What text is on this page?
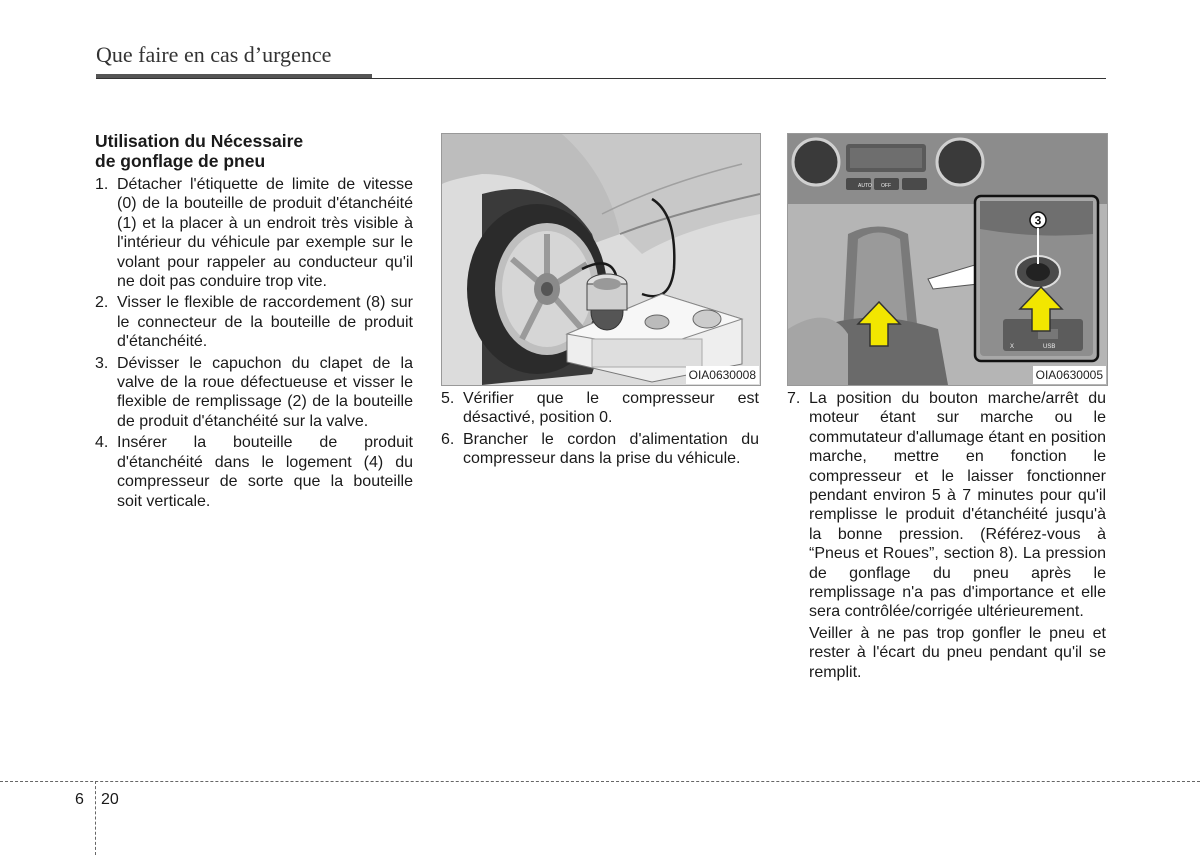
Que faire en cas d’urgence
Utilisation du Nécessaire
de gonflage de pneu
1. Détacher l'étiquette de limite de vitesse (0) de la bouteille de produit d'étanchéité (1) et la placer à un endroit très visible à l'intérieur du véhicule par exemple sur le volant pour rappeler au conducteur qu'il ne doit pas conduire trop vite.
2. Visser le flexible de raccordement (8) sur le connecteur de la bouteille de produit d'étanchéité.
3. Dévisser le capuchon du clapet de la valve de la roue défectueuse et visser le flexible de remplissage (2) de la bouteille de produit d'étanchéité sur la valve.
4. Insérer la bouteille de produit d'étanchéité dans le logement (4) du compresseur de sorte que la bouteille soit verticale.
OIA0630008
5. Vérifier que le compresseur est désactivé, position 0.
6. Brancher le cordon d'alimentation du compresseur dans la prise du véhicule.
AUTO OFF
X	USB
3
OIA0630005
7. La position du bouton marche/arrêt du moteur étant sur marche ou le commutateur d'allumage étant en position marche, mettre en fonction le compresseur et le laisser fonctionner pendant environ 5 à 7 minutes pour qu'il remplisse le produit d'étanchéité jusqu'à la bonne pression. (Référez-vous à “Pneus et Roues”, section 8). La pression de gonflage du pneu après le remplissage n'a pas d'importance et elle sera contrôlée/corrigée ultérieurement.
Veiller à ne pas trop gonfler le pneu et rester à l'écart du pneu pendant qu'il se remplit.
6 20
